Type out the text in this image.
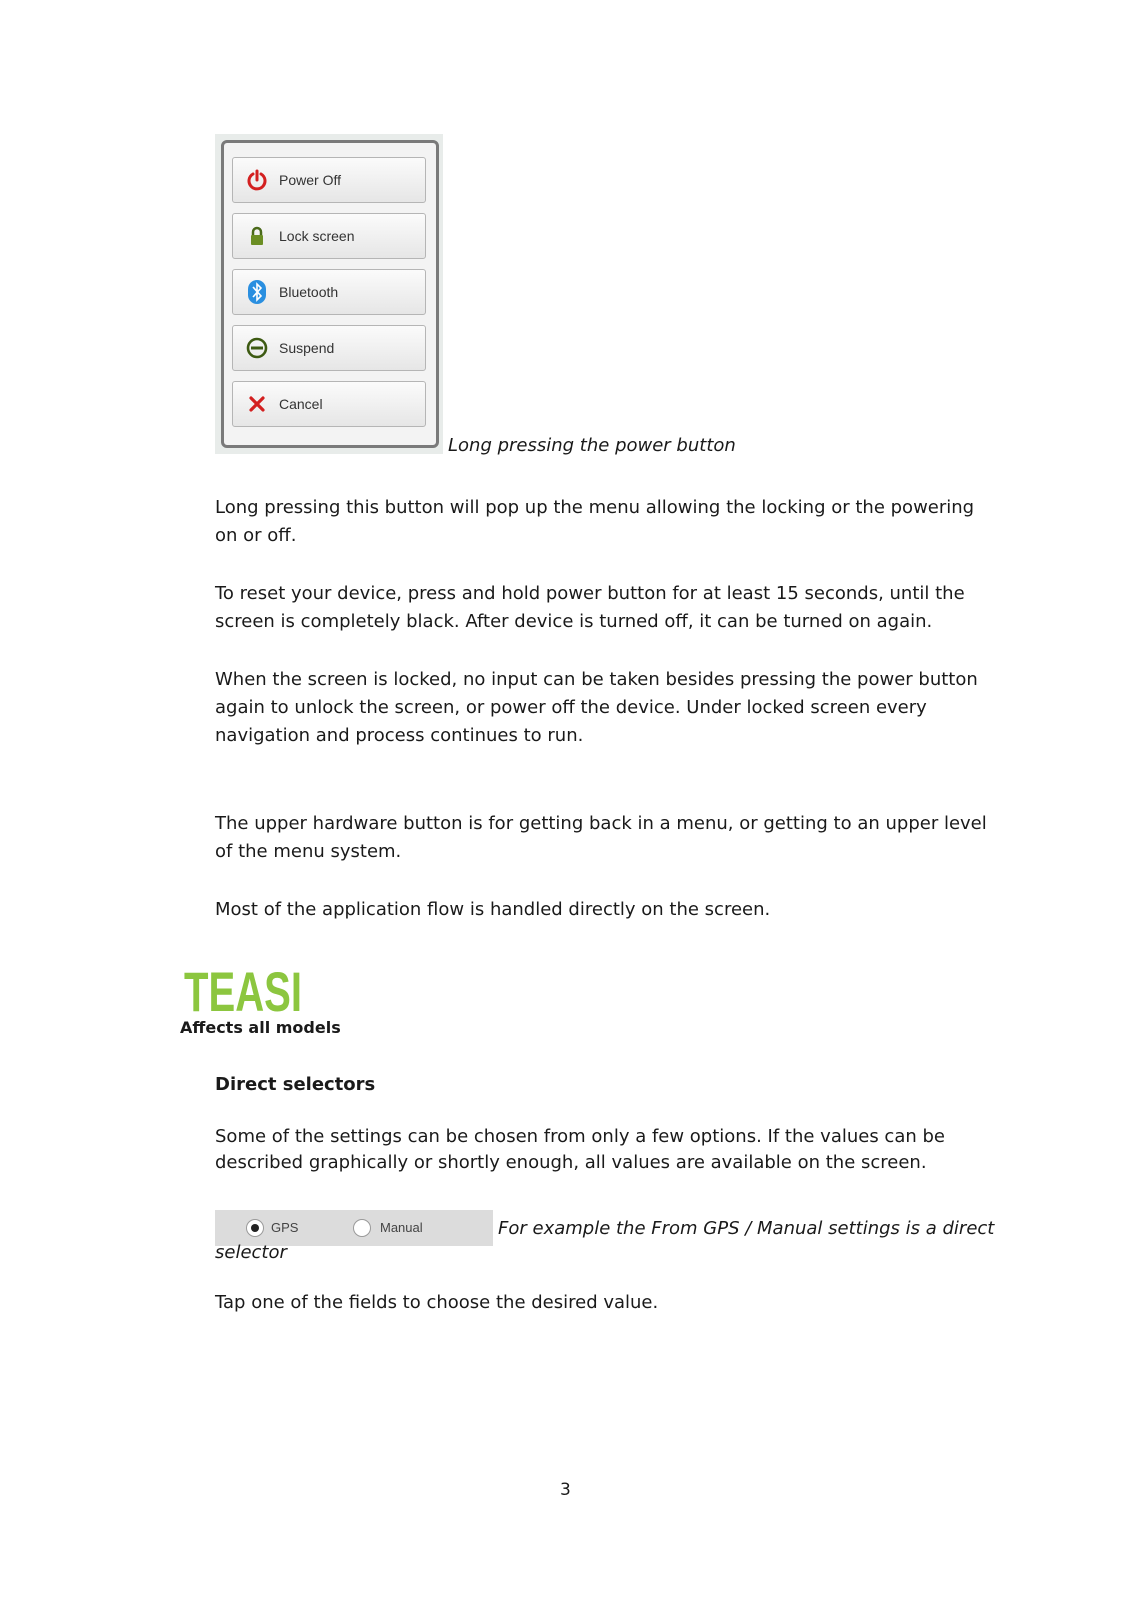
Power Off
Lock screen
Bluetooth
Suspend
Cancel
Long pressing the power button
Long pressing this button will pop up the menu allowing the locking or the powering on or off.
To reset your device, press and hold power button for at least 15 seconds, until the screen is completely black. After device is turned off, it can be turned on again.
When the screen is locked, no input can be taken besides pressing the power button again to unlock the screen, or power off the device. Under locked screen every navigation and process continues to run.
The upper hardware button is for getting back in a menu, or getting to an upper level of the menu system.
Most of the application flow is handled directly on the screen.
TEASI
Affects all models
Direct selectors
Some of the settings can be chosen from only a few options. If the values can be described graphically or shortly enough, all values are available on the screen.
GPS	Manual	For example the From GPS / Manual settings is a direct
selector
Tap one of the fields to choose the desired value.
3
